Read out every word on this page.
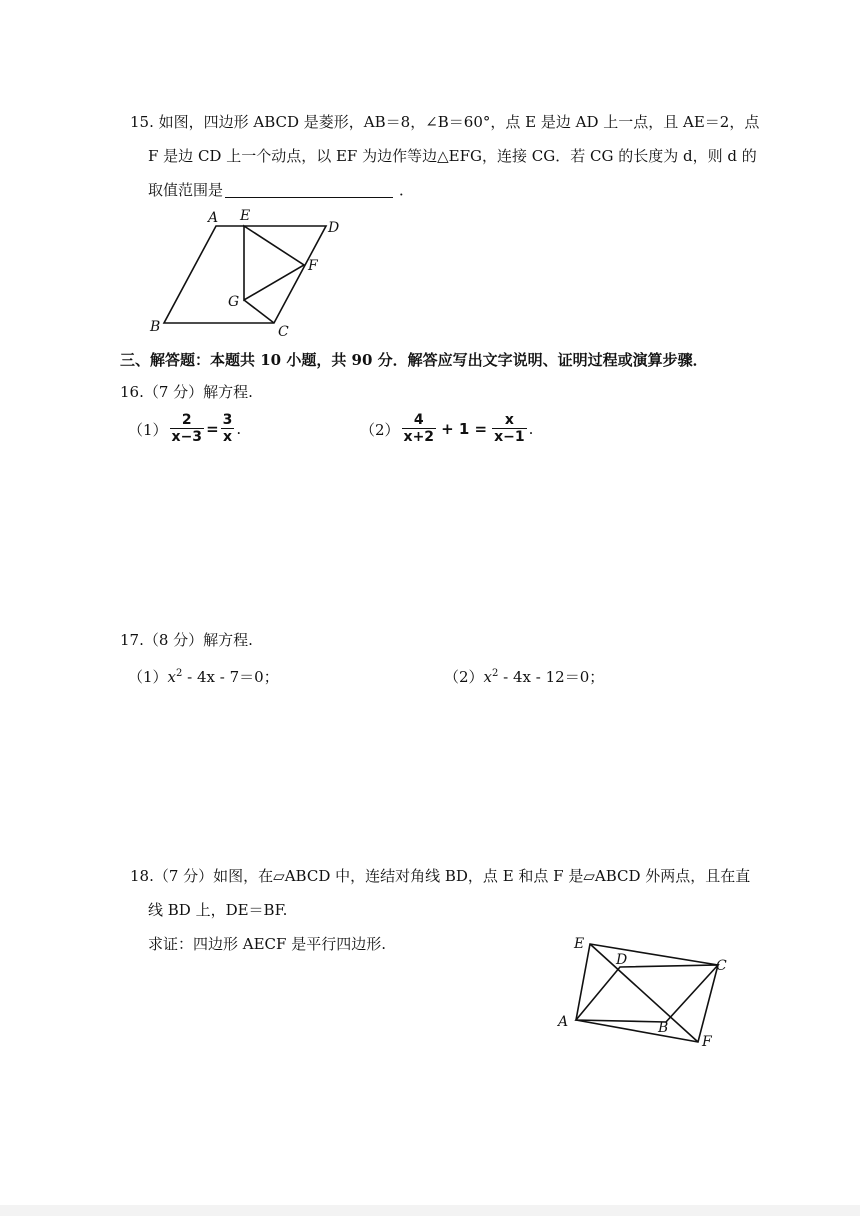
15. 如图，四边形 ABCD 是菱形，AB＝8，∠B＝60°，点 E 是边 AD 上一点，且 AE＝2，点
F 是边 CD 上一个动点，以 EF 为边作等边△EFG，连接 CG．若 CG 的长度为 d，则 d 的
取值范围是	．
A E
D
F
G
B	C
三、解答题：本题共 10 小题，共 90 分．解答应写出文字说明、证明过程或演算步骤．
16.（7 分）解方程.
$(1) \frac{2}{x-3} = \frac{3}{x}$ .	$(2) \frac{4}{x+2} + 1 = \frac{x}{x-1}$ .
17.（8 分）解方程.
$(1)x^2 - 4x - 7=0$；	$(2)x^2 - 4x - 12=0$；
18.（7 分）如图，在▱ABCD 中，连结对角线 BD，点 E 和点 F 是▱ABCD 外两点，且在直
线 BD 上，DE＝BF.
求证：四边形 AECF 是平行四边形.	E
D	C
A	B
F
